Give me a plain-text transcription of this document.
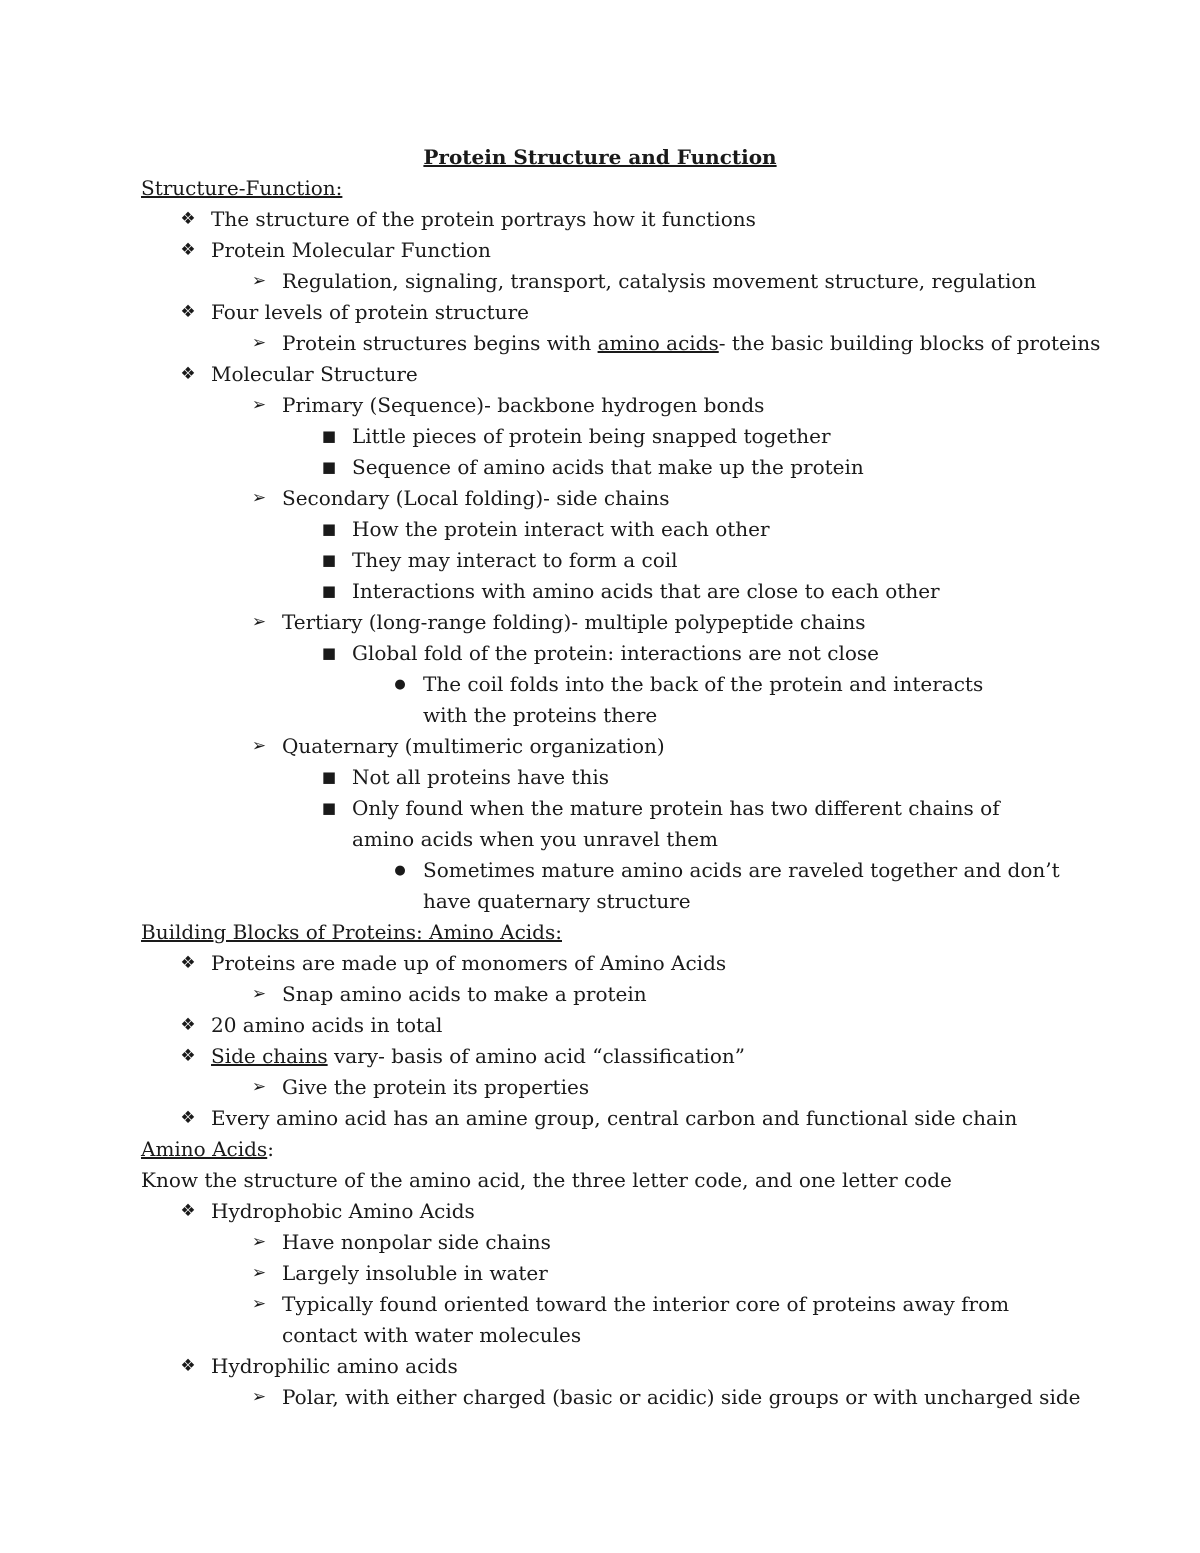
Protein Structure and Function
Structure-Function:
❖ The structure of the protein portrays how it functions
❖ Protein Molecular Function
➢ Regulation, signaling, transport, catalysis movement structure, regulation
❖ Four levels of protein structure
➢ Protein structures begins with amino acids- the basic building blocks of proteins
❖ Molecular Structure
➢ Primary (Sequence)- backbone hydrogen bonds
■ Little pieces of protein being snapped together
■ Sequence of amino acids that make up the protein
➢ Secondary (Local folding)- side chains
■ How the protein interact with each other
■ They may interact to form a coil
■ Interactions with amino acids that are close to each other
➢ Tertiary (long-range folding)- multiple polypeptide chains
■ Global fold of the protein: interactions are not close
● The coil folds into the back of the protein and interacts with the proteins there
➢ Quaternary (multimeric organization)
■ Not all proteins have this
■ Only found when the mature protein has two different chains of amino acids when you unravel them
● Sometimes mature amino acids are raveled together and don’t have quaternary structure
Building Blocks of Proteins: Amino Acids:
❖ Proteins are made up of monomers of Amino Acids
➢ Snap amino acids to make a protein
❖ 20 amino acids in total
❖ Side chains vary- basis of amino acid “classification”
➢ Give the protein its properties
❖ Every amino acid has an amine group, central carbon and functional side chain
Amino Acids:
Know the structure of the amino acid, the three letter code, and one letter code
❖ Hydrophobic Amino Acids
➢ Have nonpolar side chains
➢ Largely insoluble in water
➢ Typically found oriented toward the interior core of proteins away from contact with water molecules
❖ Hydrophilic amino acids
➢ Polar, with either charged (basic or acidic) side groups or with uncharged side
